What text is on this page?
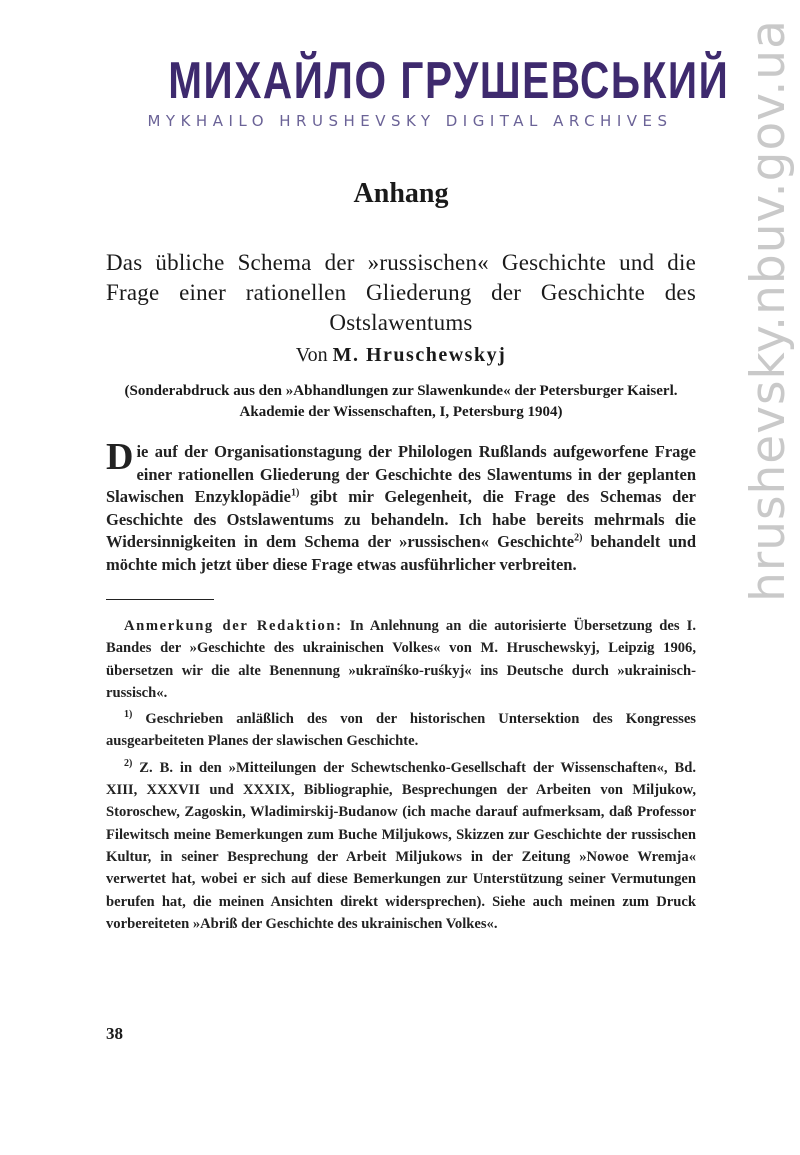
hrushevsky.nbuv.gov.ua
МИХАЙЛО ГРУШЕВСЬКИЙ
MYKHAILO HRUSHEVSKY DIGITAL ARCHIVES
Anhang

Das übliche Schema der »russischen« Geschichte und die Frage einer rationellen Gliederung der Geschichte des Ostslawentums

Von M. Hruschewskyj

(Sonderabdruck aus den »Abhandlungen zur Slawenkunde« der Petersburger Kaiserl. Akademie der Wissenschaften, I, Petersburg 1904)

Die auf der Organisationstagung der Philologen Rußlands aufgeworfene Frage einer rationellen Gliederung der Geschichte des Slawentums in der geplanten Slawischen Enzyklopädie$^{1)}$ gibt mir Gelegenheit, die Frage des Schemas der Geschichte des Ostslawentums zu behandeln. Ich habe bereits mehrmals die Widersinnigkeiten in dem Schema der »russischen« Geschichte$^{2)}$ behandelt und möchte mich jetzt über diese Frage etwas ausführlicher verbreiten.

Anmerkung der Redaktion: In Anlehnung an die autorisierte Übersetzung des I. Bandes der »Geschichte des ukrainischen Volkes« von M. Hruschewskyj, Leipzig 1906, übersetzen wir die alte Benennung »ukraïnśko-ruśkyj« ins Deutsche durch »ukrainisch-russisch«.

$^{1)}$ Geschrieben anläßlich des von der historischen Untersektion des Kongresses ausgearbeiteten Planes der slawischen Geschichte.

$^{2)}$ Z. B. in den »Mitteilungen der Schewtschenko-Gesellschaft der Wissenschaften«, Bd. XIII, XXXVII und XXXIX, Bibliographie, Besprechungen der Arbeiten von Miljukow, Storoschew, Zagoskin, Wladimirskij-Budanow (ich mache darauf aufmerksam, daß Professor Filewitsch meine Bemerkungen zum Buche Miljukows, Skizzen zur Geschichte der russischen Kultur, in seiner Besprechung der Arbeit Miljukows in der Zeitung »Nowoe Wremja« verwertet hat, wobei er sich auf diese Bemerkungen zur Unterstützung seiner Vermutungen berufen hat, die meinen Ansichten direkt widersprechen). Siehe auch meinen zum Druck vorbereiteten »Abriß der Geschichte des ukrainischen Volkes«.

38
